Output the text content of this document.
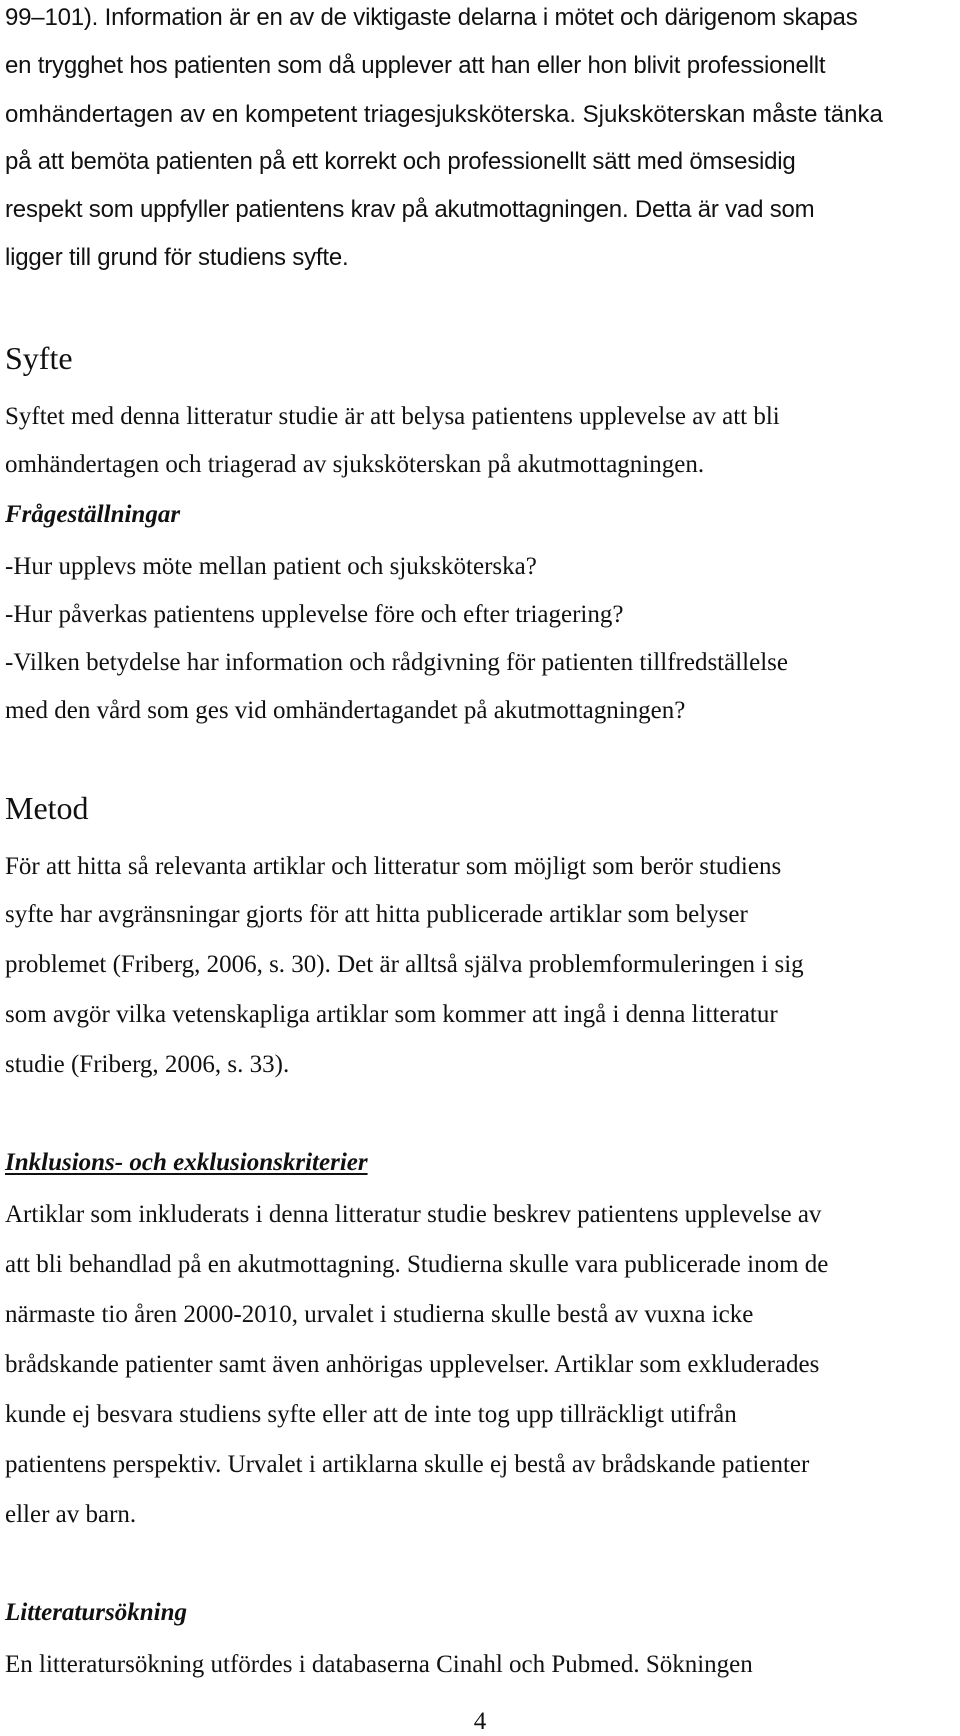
99–101). Information är en av de viktigaste delarna i mötet och därigenom skapas
en trygghet hos patienten som då upplever att han eller hon blivit professionellt
omhändertagen av en kompetent triagesjuksköterska. Sjuksköterskan måste tänka
på att bemöta patienten på ett korrekt och professionellt sätt med ömsesidig
respekt som uppfyller patientens krav på akutmottagningen. Detta är vad som
ligger till grund för studiens syfte.
Syfte
Syftet med denna litteratur studie är att belysa patientens upplevelse av att bli
omhändertagen och triagerad av sjuksköterskan på akutmottagningen.
Frågeställningar
-Hur upplevs möte mellan patient och sjuksköterska?
-Hur påverkas patientens upplevelse före och efter triagering?
-Vilken betydelse har information och rådgivning för patienten tillfredställelse
med den vård som ges vid omhändertagandet på akutmottagningen?
Metod
För att hitta så relevanta artiklar och litteratur som möjligt som berör studiens
syfte har avgränsningar gjorts för att hitta publicerade artiklar som belyser
problemet (Friberg, 2006, s. 30). Det är alltså själva problemformuleringen i sig
som avgör vilka vetenskapliga artiklar som kommer att ingå i denna litteratur
studie (Friberg, 2006, s. 33).
Inklusions- och exklusionskriterier
Artiklar som inkluderats i denna litteratur studie beskrev patientens upplevelse av
att bli behandlad på en akutmottagning. Studierna skulle vara publicerade inom de
närmaste tio åren 2000-2010, urvalet i studierna skulle bestå av vuxna icke
brådskande patienter samt även anhörigas upplevelser. Artiklar som exkluderades
kunde ej besvara studiens syfte eller att de inte tog upp tillräckligt utifrån
patientens perspektiv. Urvalet i artiklarna skulle ej bestå av brådskande patienter
eller av barn.
Litteratursökning
En litteratursökning utfördes i databaserna Cinahl och Pubmed. Sökningen
4
